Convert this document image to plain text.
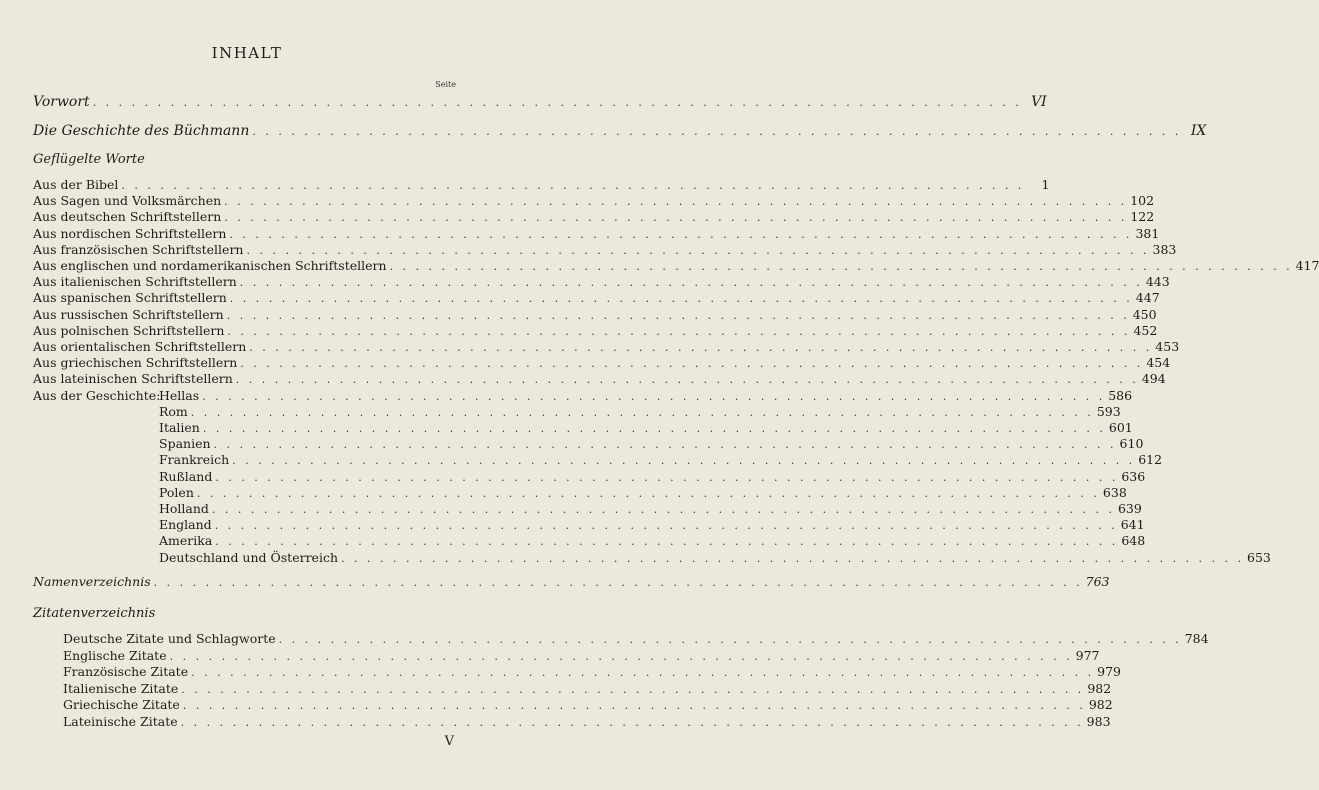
INHALT
Seite
Vorwort . . . . . . . . . . . . . . . . . . . . . . . . . . . . . . . . . . . . . . . . . . . . . . . . . . . . . . . . . . . . . . . . . . . . . . . . VI
Die Geschichte des Büchmann . . . . . . . . . . . . . . . . . . . . . . . . . . . . . . . . . . . . . . . . . . . . . . . . . . . . . . . . . . . . . . . . . . . . . . . . IX
Geflügelte Worte
Aus der Bibel . . . . . . . . . . . . . . . . . . . . . . . . . . . . . . . . . . . . . . . . . . . . . . . . . . . . . . . . . . . . . . . . . . . . . .	1
Aus Sagen und Volksmärchen . . . . . . . . . . . . . . . . . . . . . . . . . . . . . . . . . . . . . . . . . . . . . . . . . . . . . . . . . . . . . . . . . . . . . . 102
Aus deutschen Schriftstellern . . . . . . . . . . . . . . . . . . . . . . . . . . . . . . . . . . . . . . . . . . . . . . . . . . . . . . . . . . . . . . . . . . . . . . 122
Aus nordischen Schriftstellern . . . . . . . . . . . . . . . . . . . . . . . . . . . . . . . . . . . . . . . . . . . . . . . . . . . . . . . . . . . . . . . . . . . . . . 381
Aus französischen Schriftstellern . . . . . . . . . . . . . . . . . . . . . . . . . . . . . . . . . . . . . . . . . . . . . . . . . . . . . . . . . . . . . . . . . . . . . . 383
Aus englischen und nordamerikanischen Schriftstellern . . . . . . . . . . . . . . . . . . . . . . . . . . . . . . . . . . . . . . . . . . . . . . . . . . . . . . . . . . . . . . . . . . . . . . 417
Aus italienischen Schriftstellern . . . . . . . . . . . . . . . . . . . . . . . . . . . . . . . . . . . . . . . . . . . . . . . . . . . . . . . . . . . . . . . . . . . . . . 443
Aus spanischen Schriftstellern . . . . . . . . . . . . . . . . . . . . . . . . . . . . . . . . . . . . . . . . . . . . . . . . . . . . . . . . . . . . . . . . . . . . . . 447
Aus russischen Schriftstellern . . . . . . . . . . . . . . . . . . . . . . . . . . . . . . . . . . . . . . . . . . . . . . . . . . . . . . . . . . . . . . . . . . . . . . 450
Aus polnischen Schriftstellern . . . . . . . . . . . . . . . . . . . . . . . . . . . . . . . . . . . . . . . . . . . . . . . . . . . . . . . . . . . . . . . . . . . . . . 452
Aus orientalischen Schriftstellern . . . . . . . . . . . . . . . . . . . . . . . . . . . . . . . . . . . . . . . . . . . . . . . . . . . . . . . . . . . . . . . . . . . . . . 453
Aus griechischen Schriftstellern . . . . . . . . . . . . . . . . . . . . . . . . . . . . . . . . . . . . . . . . . . . . . . . . . . . . . . . . . . . . . . . . . . . . . . 454
Aus lateinischen Schriftstellern . . . . . . . . . . . . . . . . . . . . . . . . . . . . . . . . . . . . . . . . . . . . . . . . . . . . . . . . . . . . . . . . . . . . . . 494
Aus der Geschichte:
Hellas . . . . . . . . . . . . . . . . . . . . . . . . . . . . . . . . . . . . . . . . . . . . . . . . . . . . . . . . . . . . . . . . . . . . . . 586
Rom . . . . . . . . . . . . . . . . . . . . . . . . . . . . . . . . . . . . . . . . . . . . . . . . . . . . . . . . . . . . . . . . . . . . . . 593
Italien . . . . . . . . . . . . . . . . . . . . . . . . . . . . . . . . . . . . . . . . . . . . . . . . . . . . . . . . . . . . . . . . . . . . . . 601
Spanien . . . . . . . . . . . . . . . . . . . . . . . . . . . . . . . . . . . . . . . . . . . . . . . . . . . . . . . . . . . . . . . . . . . . . . 610
Frankreich . . . . . . . . . . . . . . . . . . . . . . . . . . . . . . . . . . . . . . . . . . . . . . . . . . . . . . . . . . . . . . . . . . . . . . 612
Rußland . . . . . . . . . . . . . . . . . . . . . . . . . . . . . . . . . . . . . . . . . . . . . . . . . . . . . . . . . . . . . . . . . . . . . . 636
Polen . . . . . . . . . . . . . . . . . . . . . . . . . . . . . . . . . . . . . . . . . . . . . . . . . . . . . . . . . . . . . . . . . . . . . . 638
Holland . . . . . . . . . . . . . . . . . . . . . . . . . . . . . . . . . . . . . . . . . . . . . . . . . . . . . . . . . . . . . . . . . . . . . . 639
England . . . . . . . . . . . . . . . . . . . . . . . . . . . . . . . . . . . . . . . . . . . . . . . . . . . . . . . . . . . . . . . . . . . . . . 641
Amerika . . . . . . . . . . . . . . . . . . . . . . . . . . . . . . . . . . . . . . . . . . . . . . . . . . . . . . . . . . . . . . . . . . . . . . 648
Deutschland und Österreich . . . . . . . . . . . . . . . . . . . . . . . . . . . . . . . . . . . . . . . . . . . . . . . . . . . . . . . . . . . . . . . . . . . . . . 653
Namenverzeichnis . . . . . . . . . . . . . . . . . . . . . . . . . . . . . . . . . . . . . . . . . . . . . . . . . . . . . . . . . . . . . . . . . . . . . . . . 763
Zitatenverzeichnis
Deutsche Zitate und Schlagworte . . . . . . . . . . . . . . . . . . . . . . . . . . . . . . . . . . . . . . . . . . . . . . . . . . . . . . . . . . . . . . . . . . . . . . 784
Englische Zitate . . . . . . . . . . . . . . . . . . . . . . . . . . . . . . . . . . . . . . . . . . . . . . . . . . . . . . . . . . . . . . . . . . . . . . 977
Französische Zitate . . . . . . . . . . . . . . . . . . . . . . . . . . . . . . . . . . . . . . . . . . . . . . . . . . . . . . . . . . . . . . . . . . . . . . 979
Italienische Zitate . . . . . . . . . . . . . . . . . . . . . . . . . . . . . . . . . . . . . . . . . . . . . . . . . . . . . . . . . . . . . . . . . . . . . . 982
Griechische Zitate . . . . . . . . . . . . . . . . . . . . . . . . . . . . . . . . . . . . . . . . . . . . . . . . . . . . . . . . . . . . . . . . . . . . . . 982
Lateinische Zitate . . . . . . . . . . . . . . . . . . . . . . . . . . . . . . . . . . . . . . . . . . . . . . . . . . . . . . . . . . . . . . . . . . . . . . 983
V
